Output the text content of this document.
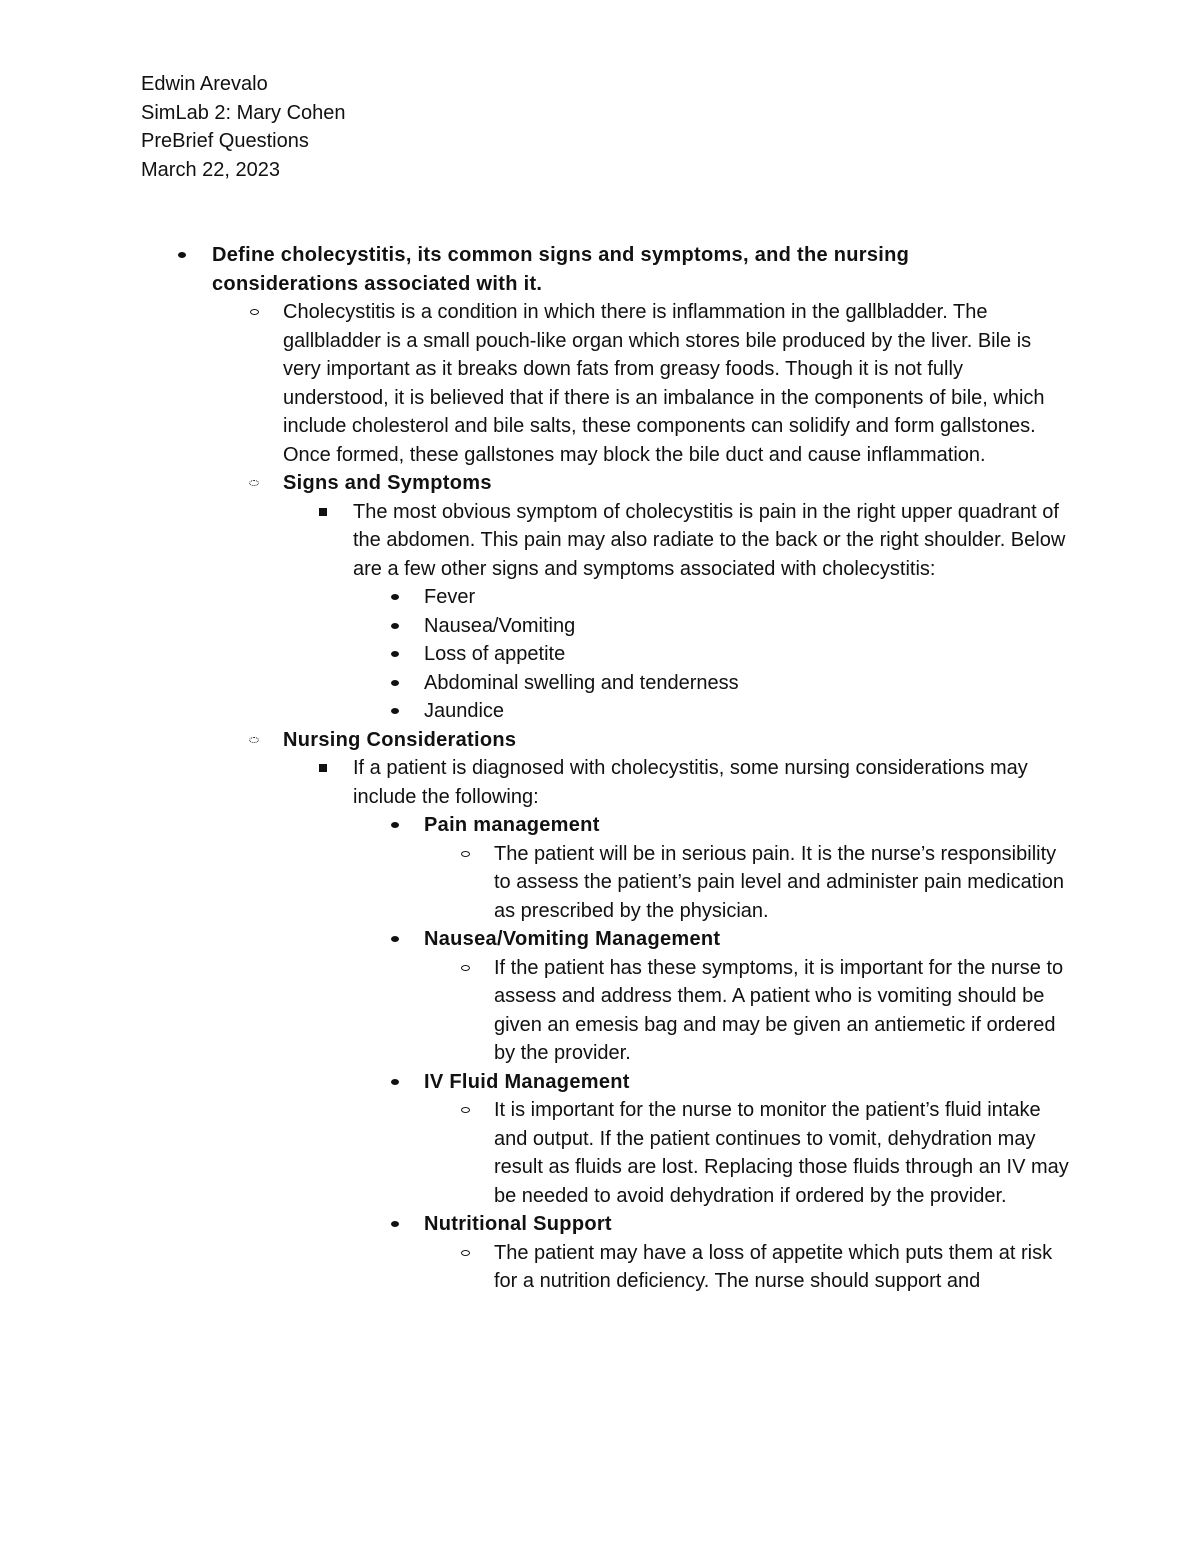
Edwin Arevalo
SimLab 2: Mary Cohen
PreBrief Questions
March 22, 2023
Define cholecystitis, its common signs and symptoms, and the nursing considerations associated with it.
Cholecystitis is a condition in which there is inflammation in the gallbladder. The gallbladder is a small pouch-like organ which stores bile produced by the liver. Bile is very important as it breaks down fats from greasy foods. Though it is not fully understood, it is believed that if there is an imbalance in the components of bile, which include cholesterol and bile salts, these components can solidify and form gallstones. Once formed, these gallstones may block the bile duct and cause inflammation.
Signs and Symptoms
The most obvious symptom of cholecystitis is pain in the right upper quadrant of the abdomen. This pain may also radiate to the back or the right shoulder. Below are a few other signs and symptoms associated with cholecystitis:
Fever
Nausea/Vomiting
Loss of appetite
Abdominal swelling and tenderness
Jaundice
Nursing Considerations
If a patient is diagnosed with cholecystitis, some nursing considerations may include the following:
Pain management
The patient will be in serious pain. It is the nurse’s responsibility to assess the patient’s pain level and administer pain medication as prescribed by the physician.
Nausea/Vomiting Management
If the patient has these symptoms, it is important for the nurse to assess and address them. A patient who is vomiting should be given an emesis bag and may be given an antiemetic if ordered by the provider.
IV Fluid Management
It is important for the nurse to monitor the patient’s fluid intake and output. If the patient continues to vomit, dehydration may result as fluids are lost. Replacing those fluids through an IV may be needed to avoid dehydration if ordered by the provider.
Nutritional Support
The patient may have a loss of appetite which puts them at risk for a nutrition deficiency. The nurse should support and
